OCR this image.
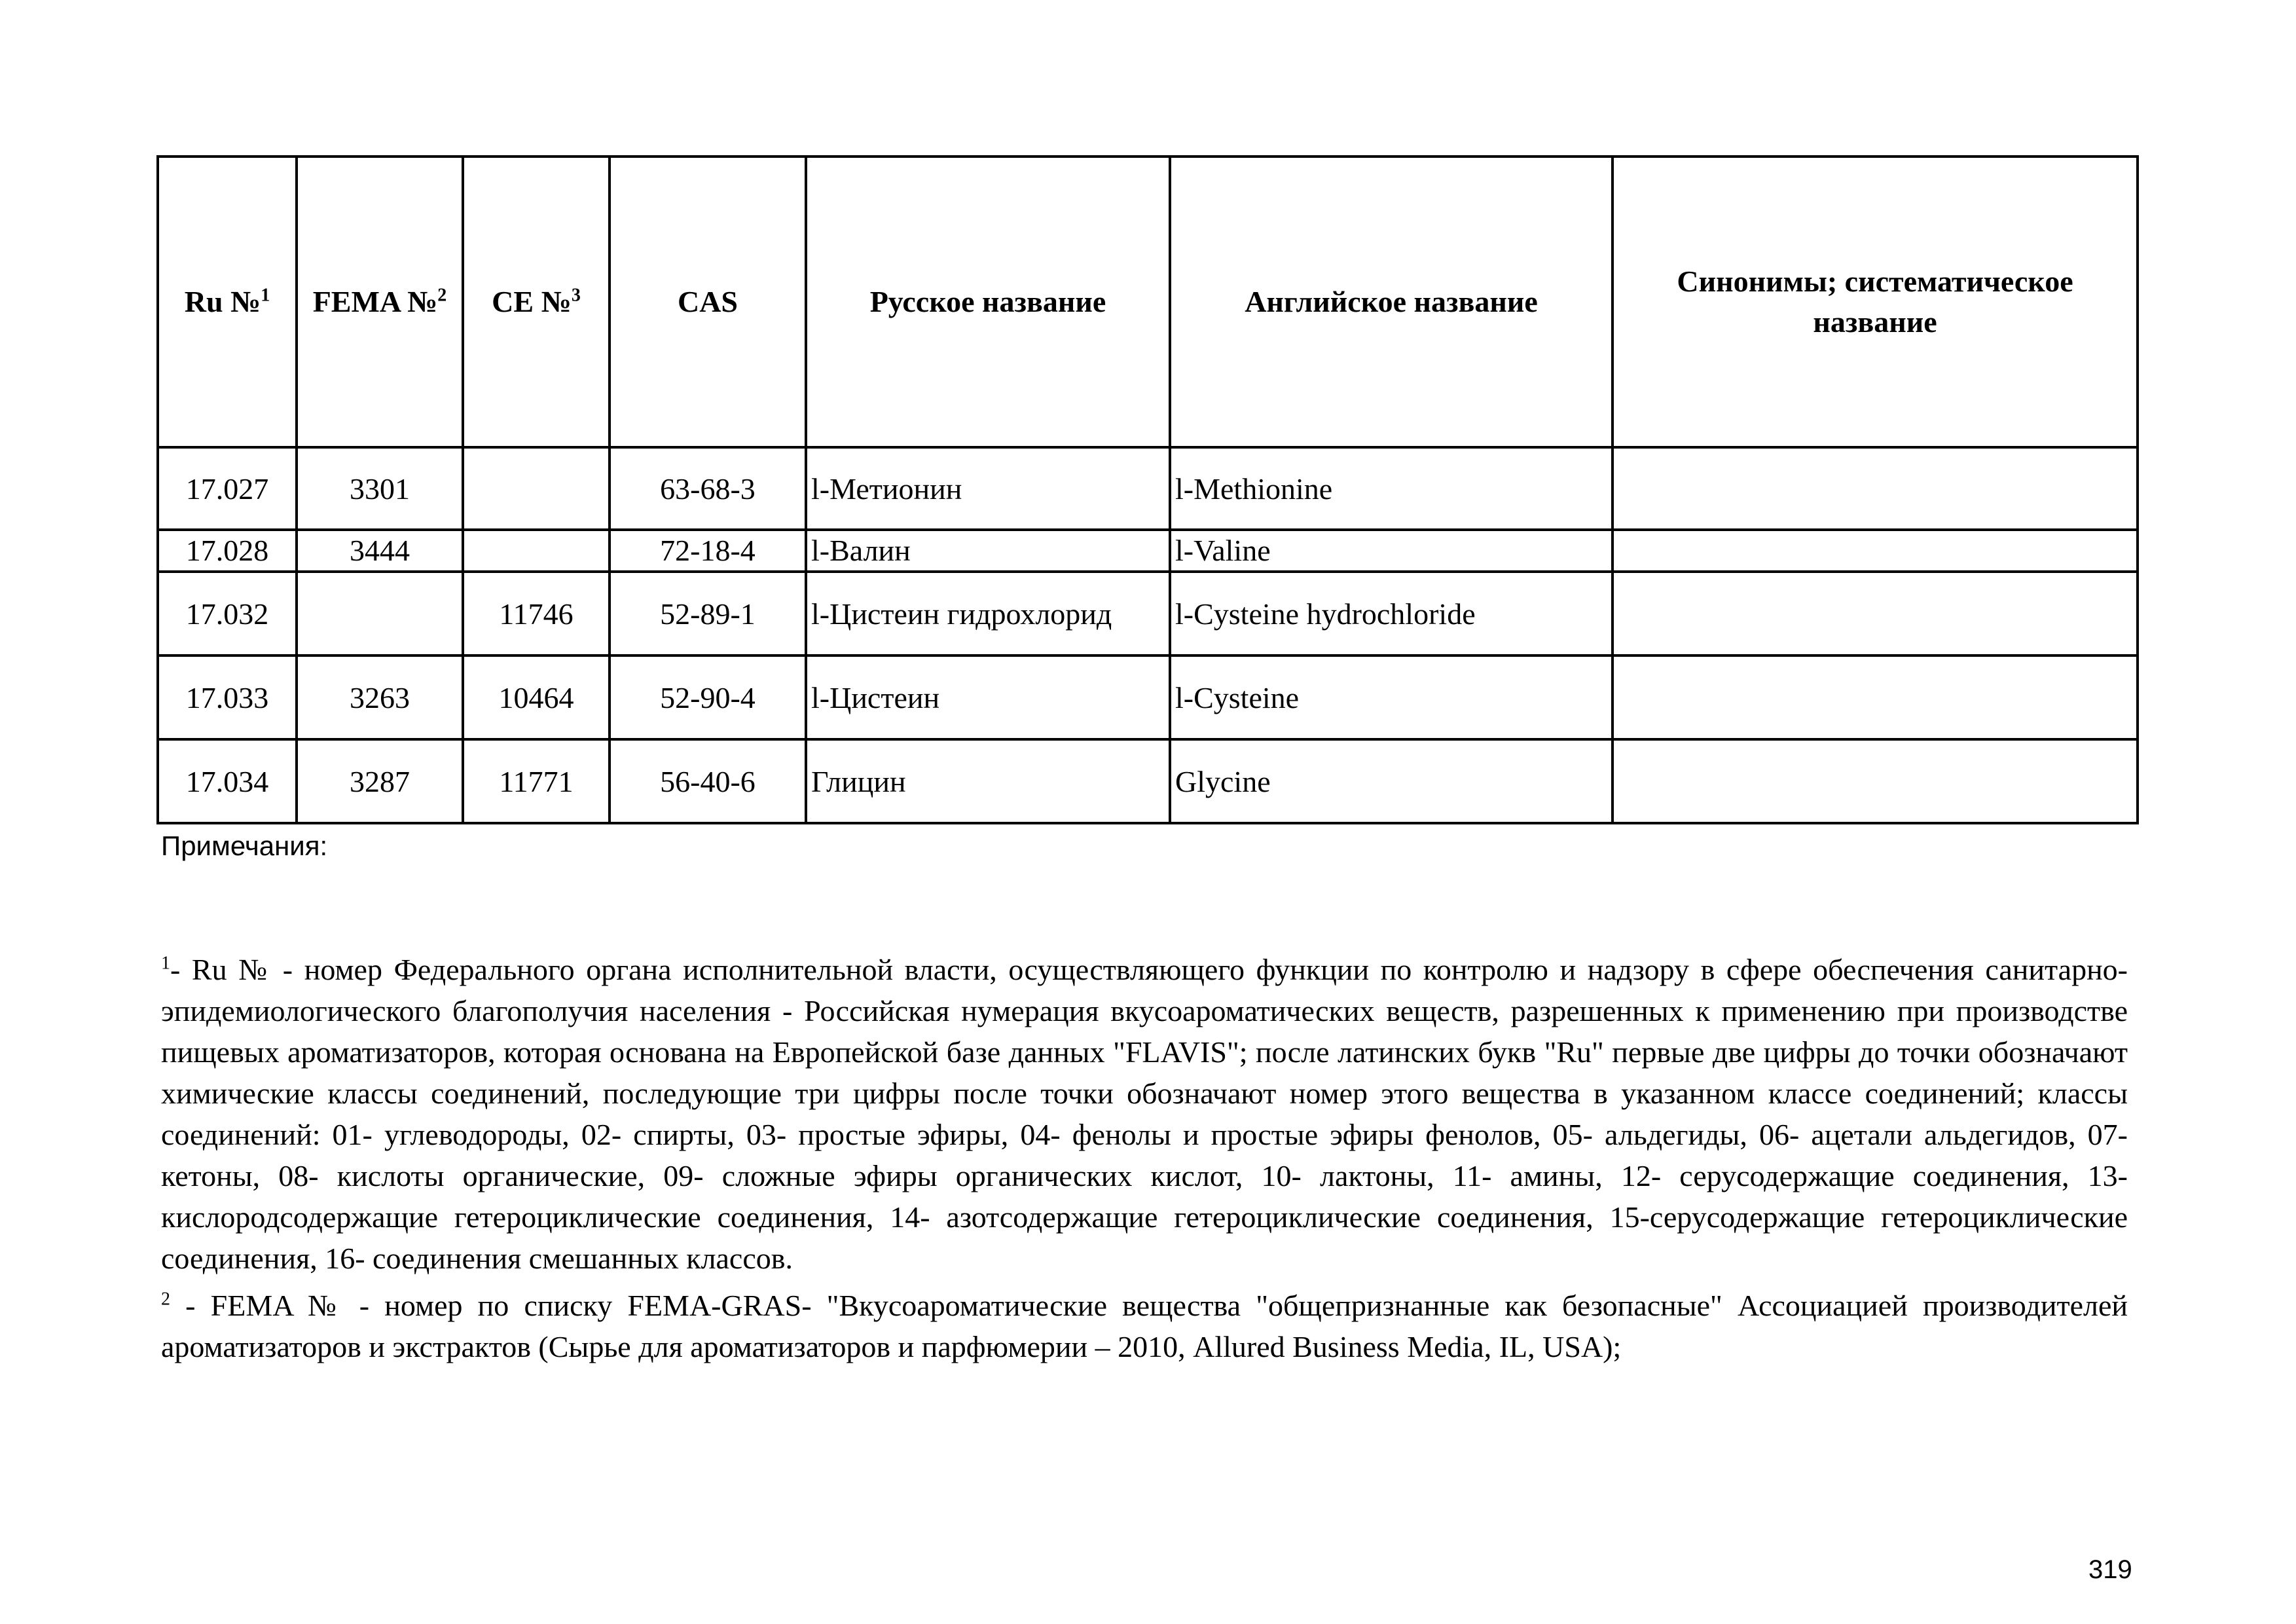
Ru №$^1$	FEMA №$^2$	CE №$^3$	CAS	Русское название	Английское название	Синонимы; систематическое название
17.027	3301		63-68-3	l-Метионин	l-Methionine	
17.028	3444		72-18-4	l-Валин	l-Valine	
17.032		11746	52-89-1	l-Цистеин гидрохлорид	l-Cysteine hydrochloride	
17.033	3263	10464	52-90-4	l-Цистеин	l-Cysteine	
17.034	3287	11771	56-40-6	Глицин	Glycine	
Примечания:
$^1$- Ru № - номер Федерального органа исполнительной власти, осуществляющего функции по контролю и надзору в сфере обеспечения санитарно-эпидемиологического благополучия населения - Российская нумерация вкусоароматических веществ, разрешенных к применению при производстве пищевых ароматизаторов, которая основана на Европейской базе данных "FLAVIS"; после латинских букв "Ru" первые две цифры до точки обозначают химические классы соединений, последующие три цифры после точки обозначают номер этого вещества в указанном классе соединений; классы соединений: 01- углеводороды, 02- спирты, 03- простые эфиры, 04- фенолы и простые эфиры фенолов, 05- альдегиды, 06- ацетали альдегидов, 07- кетоны, 08- кислоты органические, 09- сложные эфиры органических кислот, 10- лактоны, 11- амины, 12- серусодержащие соединения, 13- кислородсодержащие гетероциклические соединения, 14- азотсодержащие гетероциклические соединения, 15-серусодержащие гетероциклические соединения, 16- соединения смешанных классов.
$^2$ - FEMA № - номер по списку FEMA-GRAS- "Вкусоароматические вещества "общепризнанные как безопасные" Ассоциацией производителей ароматизаторов и экстрактов (Сырье для ароматизаторов и парфюмерии – 2010, Allured Business Media, IL, USA);
319
